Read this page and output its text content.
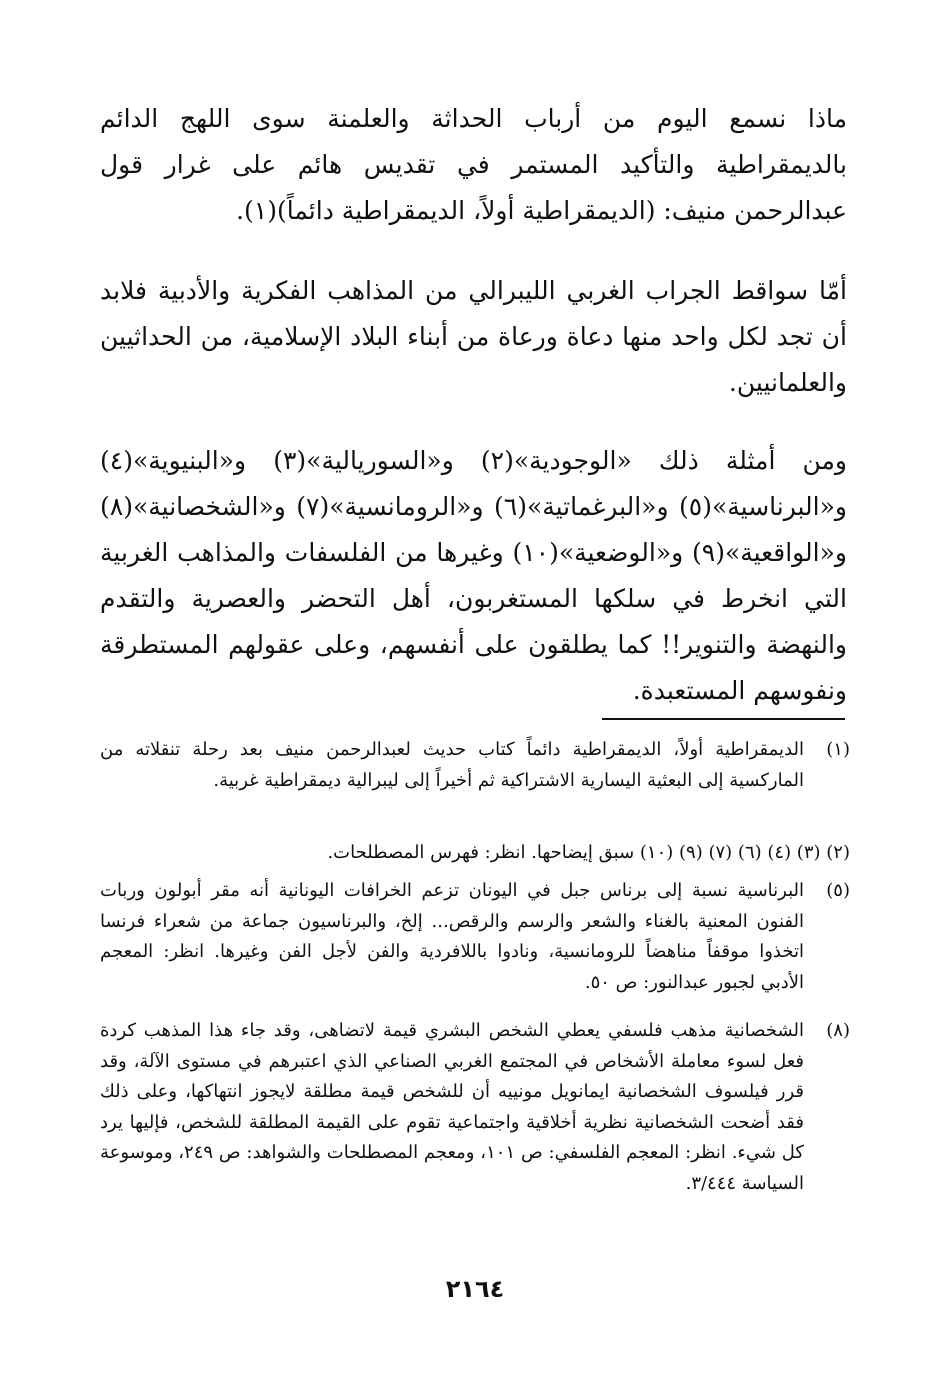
ماذا نسمع اليوم من أرباب الحداثة والعلمنة سوى اللهج الدائم بالديمقراطية والتأكيد المستمر في تقديس هائم على غرار قول عبدالرحمن منيف: (الديمقراطية أولاً، الديمقراطية دائماً)(١).

أمّا سواقط الجراب الغربي الليبرالي من المذاهب الفكرية والأدبية فلابد أن تجد لكل واحد منها دعاة ورعاة من أبناء البلاد الإسلامية، من الحداثيين والعلمانيين.

ومن أمثلة ذلك «الوجودية»(٢) و«السوريالية»(٣) و«البنيوية»(٤) و«البرناسية»(٥) و«البرغماتية»(٦) و«الرومانسية»(٧) و«الشخصانية»(٨) و«الواقعية»(٩) و«الوضعية»(١٠) وغيرها من الفلسفات والمذاهب الغربية التي انخرط في سلكها المستغربون، أهل التحضر والعصرية والتقدم والنهضة والتنوير!! كما يطلقون على أنفسهم، وعلى عقولهم المستطرقة ونفوسهم المستعبدة.

(١)
الديمقراطية أولاً، الديمقراطية دائماً كتاب حديث لعبدالرحمن منيف بعد رحلة تنقلاته من الماركسية إلى البعثية اليسارية الاشتراكية ثم أخيراً إلى ليبرالية ديمقراطية غربية.
(٢) (٣) (٤) (٦) (٧) (٩) (١٠) سبق إيضاحها. انظر: فهرس المصطلحات.
(٥)
البرناسية نسبة إلى برناس جبل في اليونان تزعم الخرافات اليونانية أنه مقر أبولون وربات الفنون المعنية بالغناء والشعر والرسم والرقص... إلخ، والبرناسيون جماعة من شعراء فرنسا اتخذوا موقفاً مناهضاً للرومانسية، ونادوا باللافردية والفن لأجل الفن وغيرها. انظر: المعجم الأدبي لجبور عبدالنور: ص ٥٠.
(٨)
الشخصانية مذهب فلسفي يعطي الشخص البشري قيمة لاتضاهى، وقد جاء هذا المذهب كردة فعل لسوء معاملة الأشخاص في المجتمع الغربي الصناعي الذي اعتبرهم في مستوى الآلة، وقد قرر فيلسوف الشخصانية ايمانويل مونييه أن للشخص قيمة مطلقة لايجوز انتهاكها، وعلى ذلك فقد أضحت الشخصانية نظرية أخلاقية واجتماعية تقوم على القيمة المطلقة للشخص، فإليها يرد كل شيء. انظر: المعجم الفلسفي: ص ١٠١، ومعجم المصطلحات والشواهد: ص ٢٤٩، وموسوعة السياسة ٣/٤٤٤.
٢١٦٤
